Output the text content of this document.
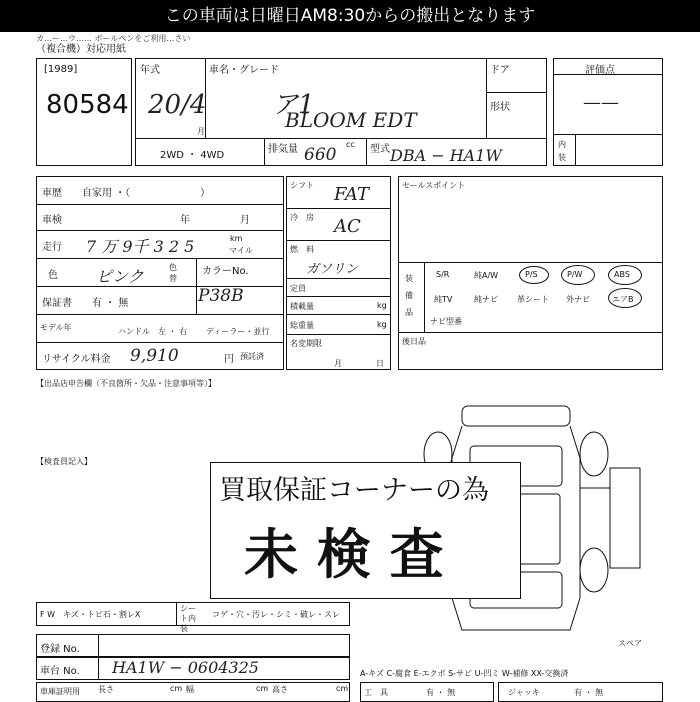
この車両は日曜日AM8:30からの搬出となります
カ…ー…ウ…… ボールペンをご利用…さい
（複合機）対応用紙
[1989]
80584
年式	車名・グレード	ドア
形状
20/4
月
ア1
BLOOM EDT
2WD ・ 4WD
排気量	cc
660	型式 DBA − HA1W
評価点
——
内装
車歴　　自家用 ・（　　　　　　　）
車検	年	月
走行 7 万 9千 3 2 5	km
マイル
色 ピンク	色替
カラーNo.
P38B
保証書　　有 ・ 無
モデル年	ハンドル　左 ・ 右 ディーラー・並行
リサイクル料金 9,910	円 預託済
シフト FAT
冷　房 AC
燃　料
ガソリン
定員
積載量
総重量
kg
kg
名変期限
月	日
セールスポイント
装備品
S/R	純A/W	P/S	P/W	ABS
純TV	純ナビ 革シート 外ナビ	エアB
ナビ型番
後日品
【出品店申告欄（不良箇所・欠品・注意事項等）】
【検査員記入】
スペア
買取保証コーナーの為
未 検 査
F W　キズ・トビ石・割レX
シート内装
コゲ・穴・汚レ・シミ・破レ・スレ
登録 No.
車台 No. HA1W − 0604325
車庫証明用 長さ	cm 幅	cm 高さ	cm
A-キズ C-腐食 E-エクボ S-サビ U-凹ミ W-補修 XX-交換済
工　具	有 ・ 無	ジャッキ	有 ・ 無
